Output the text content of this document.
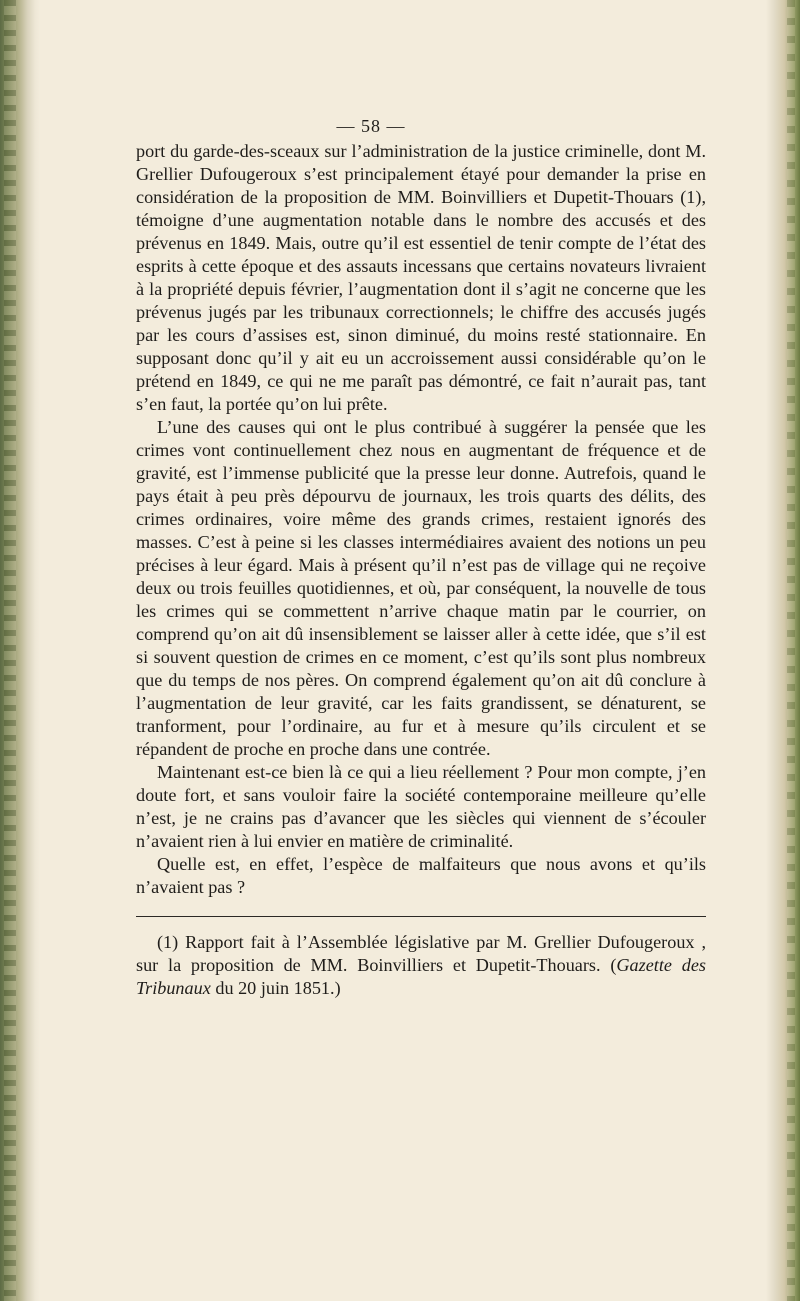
— 58 —

port du garde-des-sceaux sur l’administration de la justice criminelle, dont M. Grellier Dufougeroux s’est principalement étayé pour demander la prise en considération de la proposition de MM. Boinvilliers et Dupetit-Thouars (1), témoigne d’une augmentation notable dans le nombre des accusés et des prévenus en 1849. Mais, outre qu’il est essentiel de tenir compte de l’état des esprits à cette époque et des assauts incessans que certains novateurs livraient à la propriété depuis février, l’augmentation dont il s’agit ne concerne que les prévenus jugés par les tribunaux correctionnels; le chiffre des accusés jugés par les cours d’assises est, sinon diminué, du moins resté stationnaire. En supposant donc qu’il y ait eu un accroissement aussi considérable qu’on le prétend en 1849, ce qui ne me paraît pas démontré, ce fait n’aurait pas, tant s’en faut, la portée qu’on lui prête.

L’une des causes qui ont le plus contribué à suggérer la pensée que les crimes vont continuellement chez nous en augmentant de fréquence et de gravité, est l’immense publicité que la presse leur donne. Autrefois, quand le pays était à peu près dépourvu de journaux, les trois quarts des délits, des crimes ordinaires, voire même des grands crimes, restaient ignorés des masses. C’est à peine si les classes intermédiaires avaient des notions un peu précises à leur égard. Mais à présent qu’il n’est pas de village qui ne reçoive deux ou trois feuilles quotidiennes, et où, par conséquent, la nouvelle de tous les crimes qui se commettent n’arrive chaque matin par le courrier, on comprend qu’on ait dû insensiblement se laisser aller à cette idée, que s’il est si souvent question de crimes en ce moment, c’est qu’ils sont plus nombreux que du temps de nos pères. On comprend également qu’on ait dû conclure à l’augmentation de leur gravité, car les faits grandissent, se dénaturent, se tranforment, pour l’ordinaire, au fur et à mesure qu’ils circulent et se répandent de proche en proche dans une contrée.

Maintenant est-ce bien là ce qui a lieu réellement ? Pour mon compte, j’en doute fort, et sans vouloir faire la société contemporaine meilleure qu’elle n’est, je ne crains pas d’avancer que les siècles qui viennent de s’écouler n’avaient rien à lui envier en matière de criminalité.

Quelle est, en effet, l’espèce de malfaiteurs que nous avons et qu’ils n’avaient pas ?

(1) Rapport fait à l’Assemblée législative par M. Grellier Dufougeroux , sur la proposition de MM. Boinvilliers et Dupetit-Thouars. (Gazette des Tribunaux du 20 juin 1851.)
